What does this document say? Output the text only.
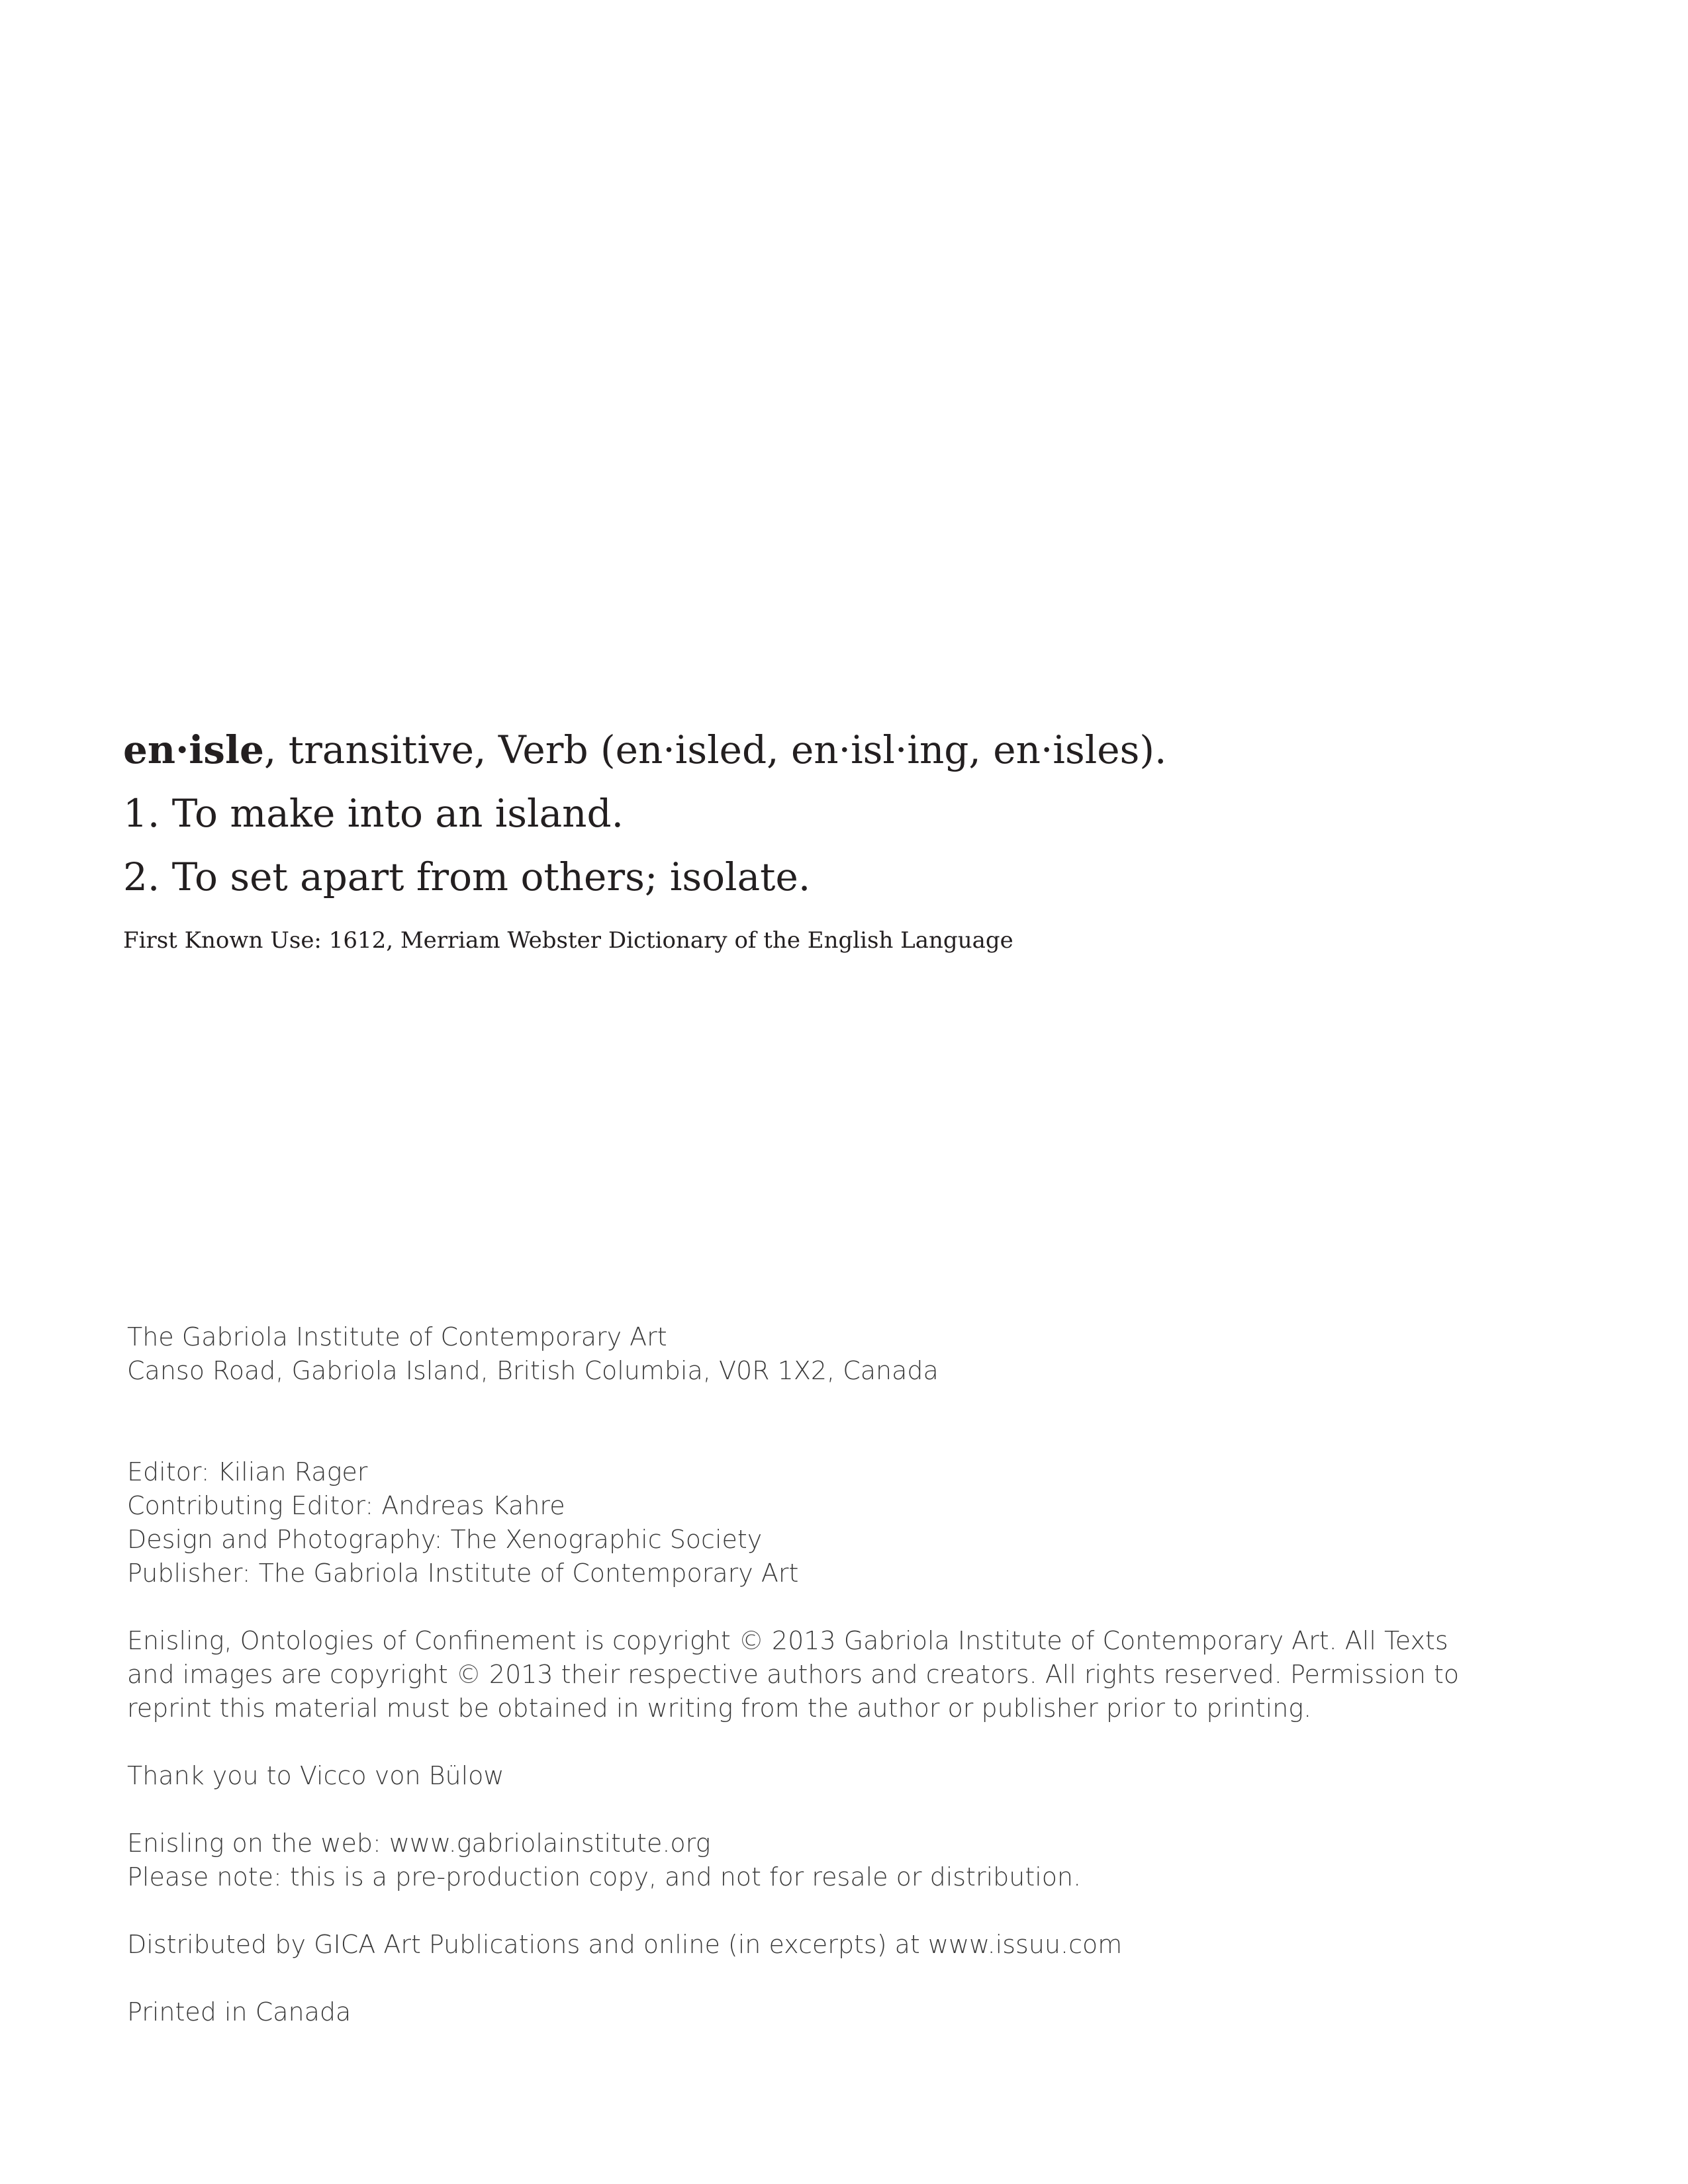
en·isle, transitive, Verb (en·isled, en·isl·ing, en·isles).
1. To make into an island.
2. To set apart from others; isolate.
First Known Use: 1612, Merriam Webster Dictionary of the English Language

The Gabriola Institute of Contemporary Art

Canso Road, Gabriola Island, British Columbia, V0R 1X2, Canada

Editor: Kilian Rager

Contributing Editor: Andreas Kahre

Design and Photography: The Xenographic Society

Publisher: The Gabriola Institute of Contemporary Art

Enisling, Ontologies of Confinement is copyright © 2013 Gabriola Institute of Contemporary Art. All Texts

and images are copyright © 2013 their respective authors and creators. All rights reserved. Permission to

reprint this material must be obtained in writing from the author or publisher prior to printing.

Thank you to Vicco von Bülow

Enisling on the web: www.gabriolainstitute.org

Please note: this is a pre-production copy, and not for resale or distribution.

Distributed by GICA Art Publications and online (in excerpts) at www.issuu.com

Printed in Canada
